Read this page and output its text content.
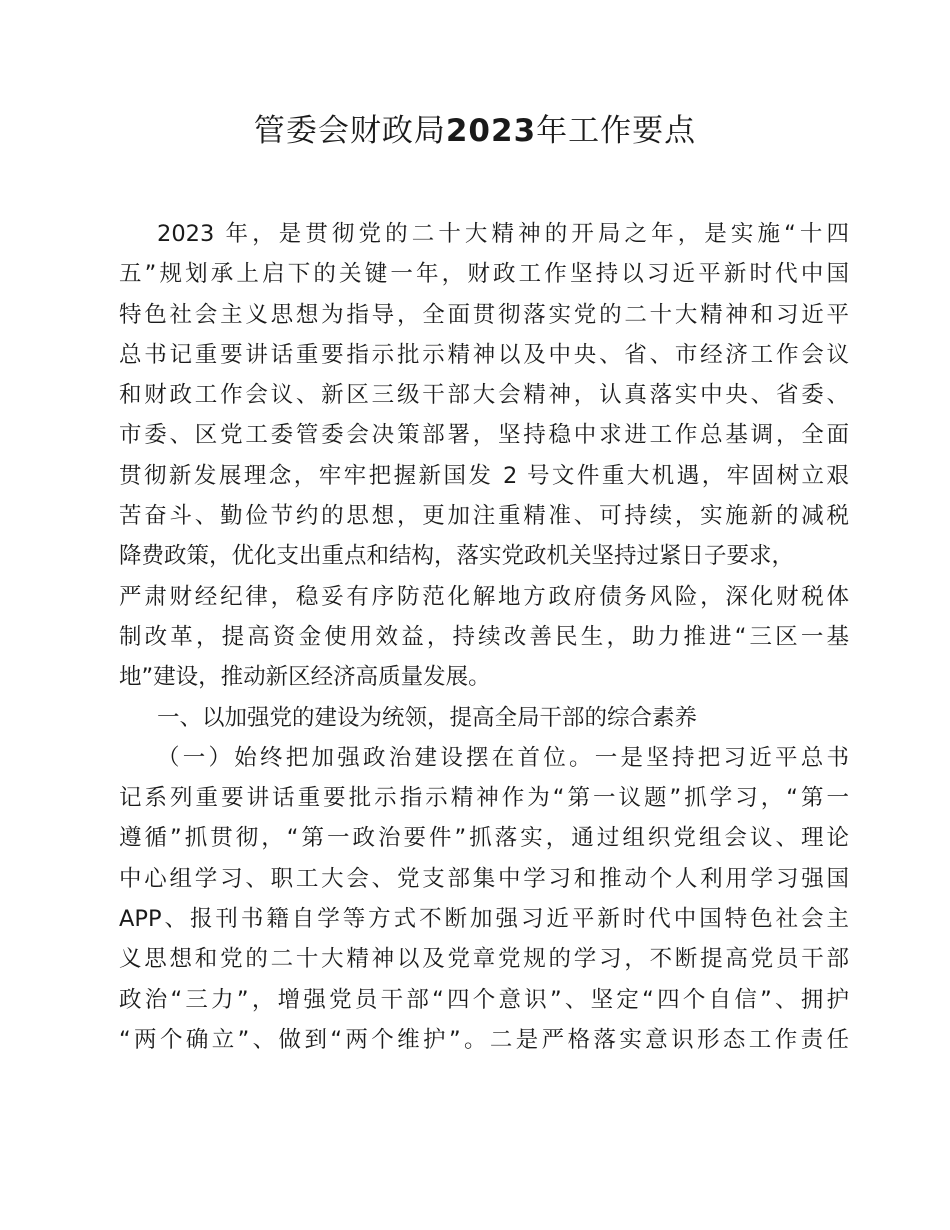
管委会财政局2023年工作要点
2023 年，是贯彻党的二十大精神的开局之年，是实施“十四
五”规划承上启下的关键一年，财政工作坚持以习近平新时代中国
特色社会主义思想为指导，全面贯彻落实党的二十大精神和习近平
总书记重要讲话重要指示批示精神以及中央、省、市经济工作会议
和财政工作会议、新区三级干部大会精神，认真落实中央、省委、
市委、区党工委管委会决策部署，坚持稳中求进工作总基调，全面
贯彻新发展理念，牢牢把握新国发 2 号文件重大机遇，牢固树立艰
苦奋斗、勤俭节约的思想，更加注重精准、可持续，实施新的减税
降费政策，优化支出重点和结构，落实党政机关坚持过紧日子要求，
严肃财经纪律，稳妥有序防范化解地方政府债务风险，深化财税体
制改革，提高资金使用效益，持续改善民生，助力推进“三区一基
地”建设，推动新区经济高质量发展。
一、以加强党的建设为统领，提高全局干部的综合素养
（一）始终把加强政治建设摆在首位。一是坚持把习近平总书
记系列重要讲话重要批示指示精神作为“第一议题”抓学习，“第一
遵循”抓贯彻，“第一政治要件”抓落实，通过组织党组会议、理论
中心组学习、职工大会、党支部集中学习和推动个人利用学习强国
APP、报刊书籍自学等方式不断加强习近平新时代中国特色社会主
义思想和党的二十大精神以及党章党规的学习，不断提高党员干部
政治“三力”，增强党员干部“四个意识”、坚定“四个自信”、拥护
“两个确立”、做到“两个维护”。二是严格落实意识形态工作责任
